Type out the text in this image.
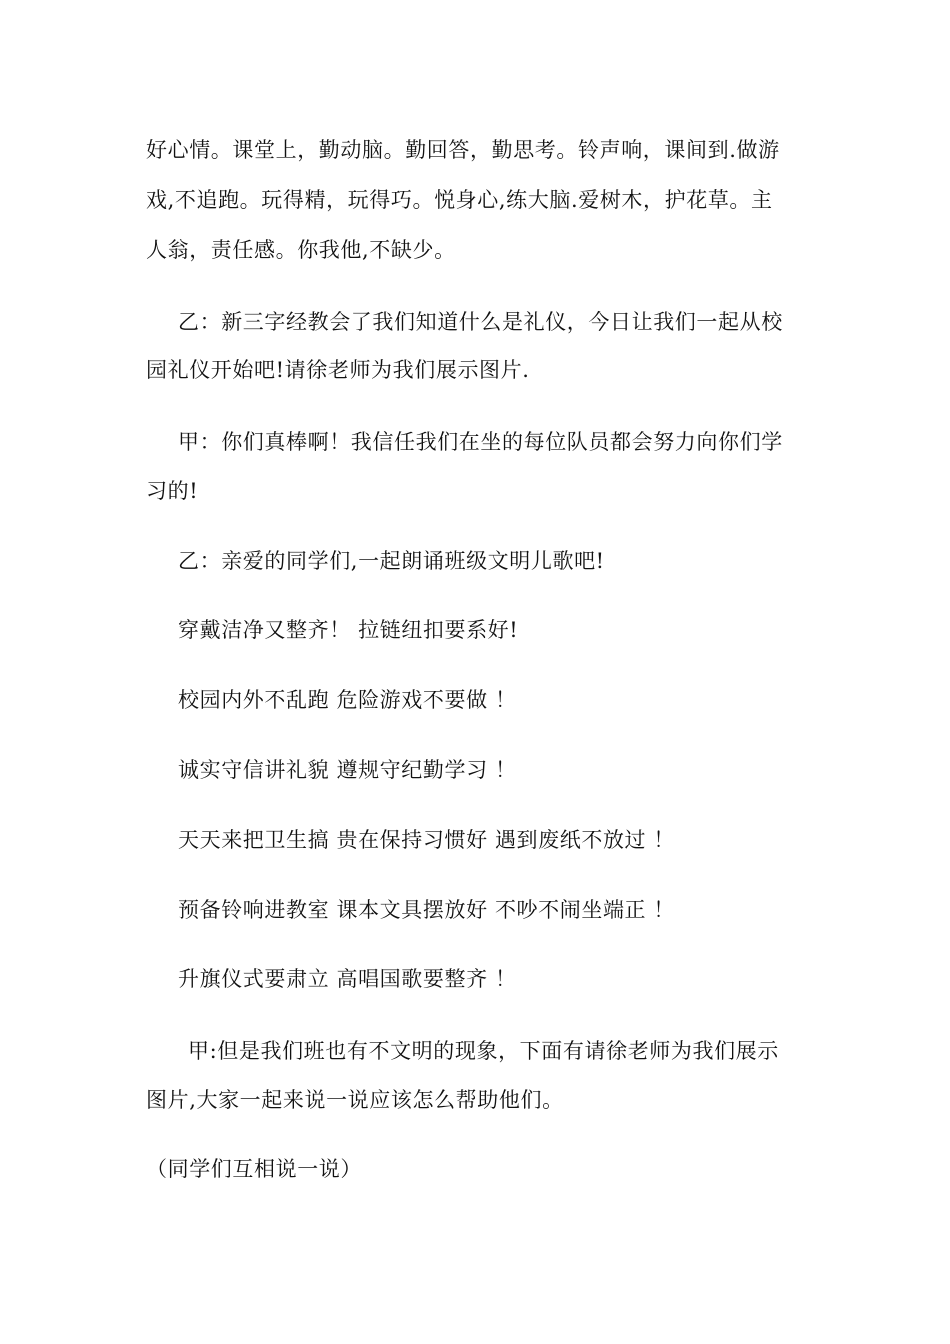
好心情。课堂上，勤动脑。勤回答，勤思考。铃声响，课间到.做游
戏,不追跑。玩得精，玩得巧。悦身心,练大脑.爱树木，护花草。主
人翁，责任感。你我他,不缺少。
乙：新三字经教会了我们知道什么是礼仪，今日让我们一起从校
园礼仪开始吧!请徐老师为我们展示图片.
甲：你们真棒啊！我信任我们在坐的每位队员都会努力向你们学
习的!
乙：亲爱的同学们,一起朗诵班级文明儿歌吧!
穿戴洁净又整齐！ 拉链纽扣要系好!
校园内外不乱跑 危险游戏不要做 ！
诚实守信讲礼貌 遵规守纪勤学习 ！
天天来把卫生搞 贵在保持习惯好 遇到废纸不放过 ！
预备铃响进教室 课本文具摆放好 不吵不闹坐端正 ！
升旗仪式要肃立 高唱国歌要整齐 ！
甲:但是我们班也有不文明的现象，下面有请徐老师为我们展示
图片,大家一起来说一说应该怎么帮助他们。
（同学们互相说一说）
